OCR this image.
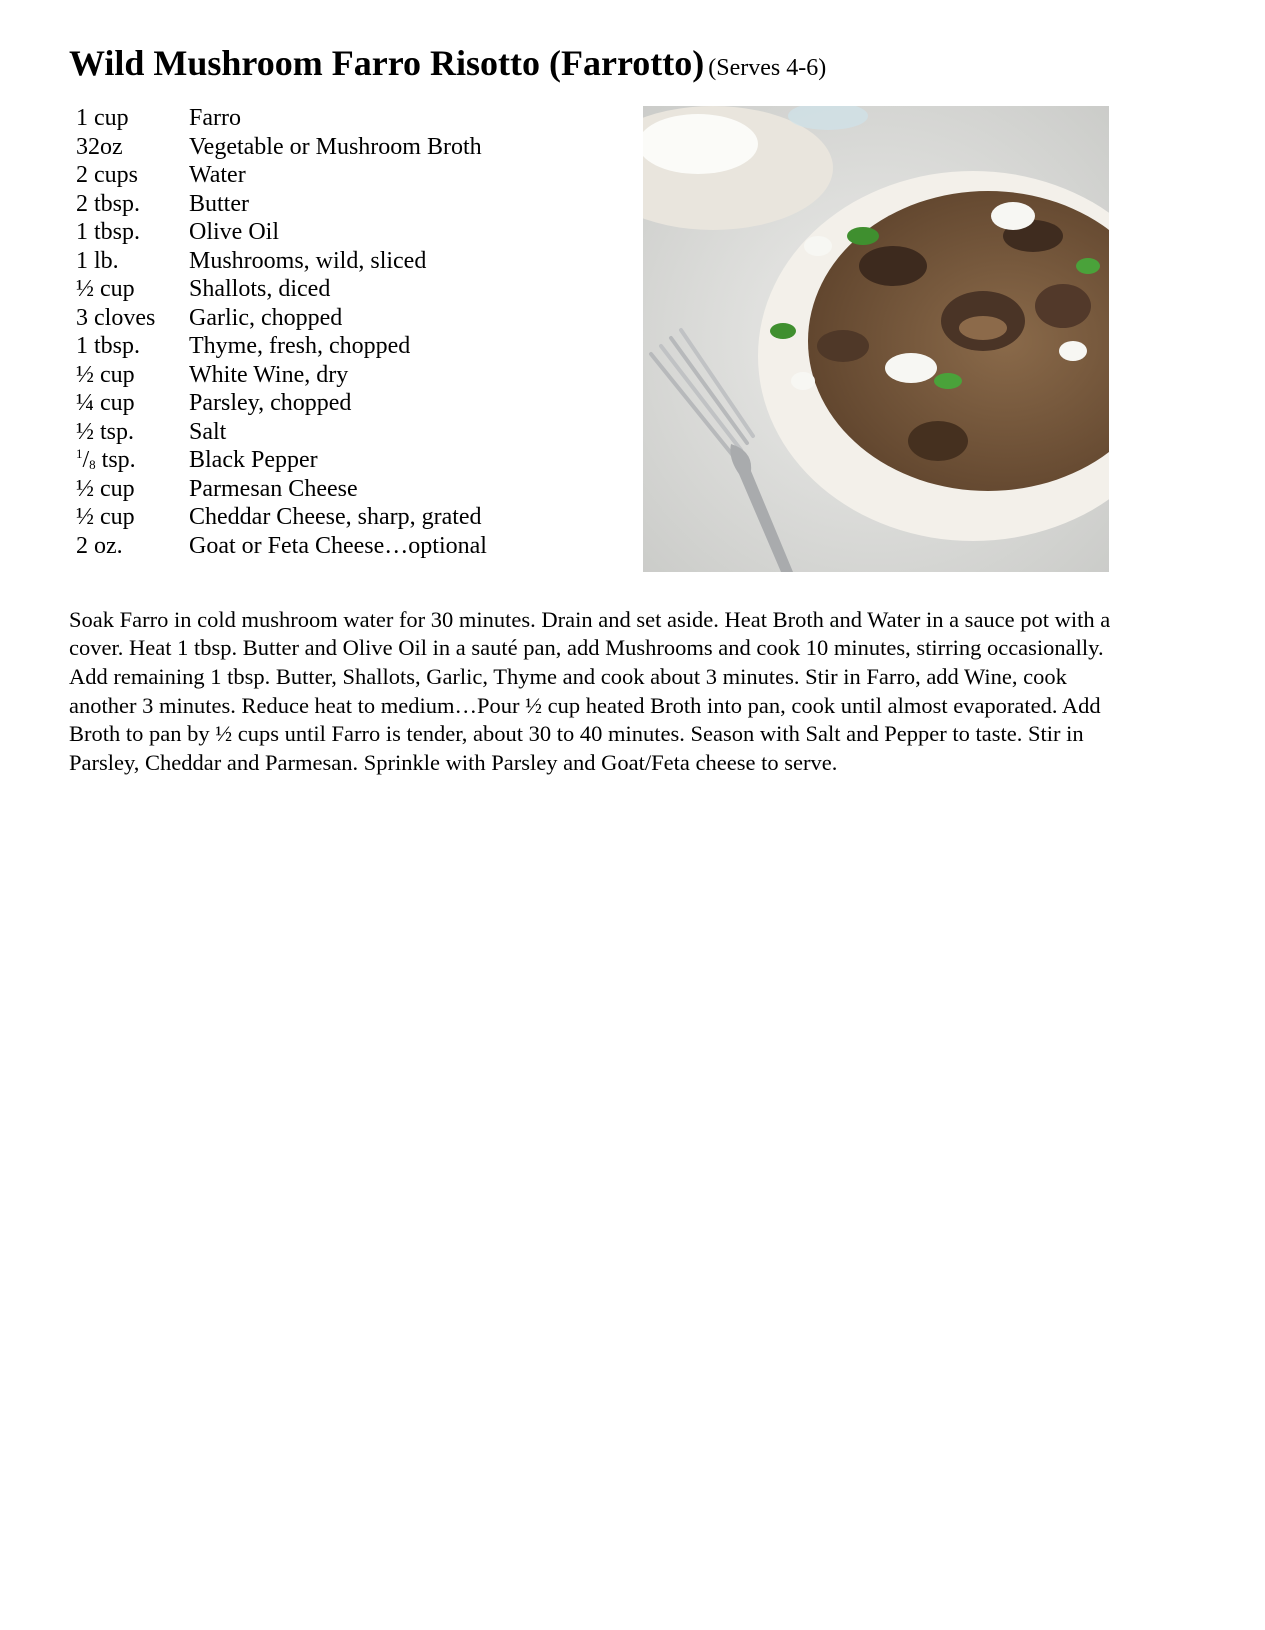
Wild Mushroom Farro Risotto (Farrotto) (Serves 4-6)
1 cup	Farro
32oz	Vegetable or Mushroom Broth
2 cups Water
2 tbsp. Butter
1 tbsp. Olive Oil
1 lb.	Mushrooms, wild, sliced
½ cup Shallots, diced
3 cloves Garlic, chopped
1 tbsp. Thyme, fresh, chopped
½ cup White Wine, dry
¼ cup Parsley, chopped
½ tsp. Salt
$^1/_8$ tsp. Black Pepper
½ cup Parmesan Cheese
½ cup Cheddar Cheese, sharp, grated
2 oz.	Goat or Feta Cheese…optional

Soak Farro in cold mushroom water for 30 minutes. Drain and set aside. Heat Broth and Water in a sauce pot with a cover. Heat 1 tbsp. Butter and Olive Oil in a sauté pan, add Mushrooms and cook 10 minutes, stirring occasionally. Add remaining 1 tbsp. Butter, Shallots, Garlic, Thyme and cook about 3 minutes. Stir in Farro, add Wine, cook another 3 minutes. Reduce heat to medium…Pour ½ cup heated Broth into pan, cook until almost evaporated. Add Broth to pan by ½ cups until Farro is tender, about 30 to 40 minutes. Season with Salt and Pepper to taste. Stir in Parsley, Cheddar and Parmesan. Sprinkle with Parsley and Goat/Feta cheese to serve.
